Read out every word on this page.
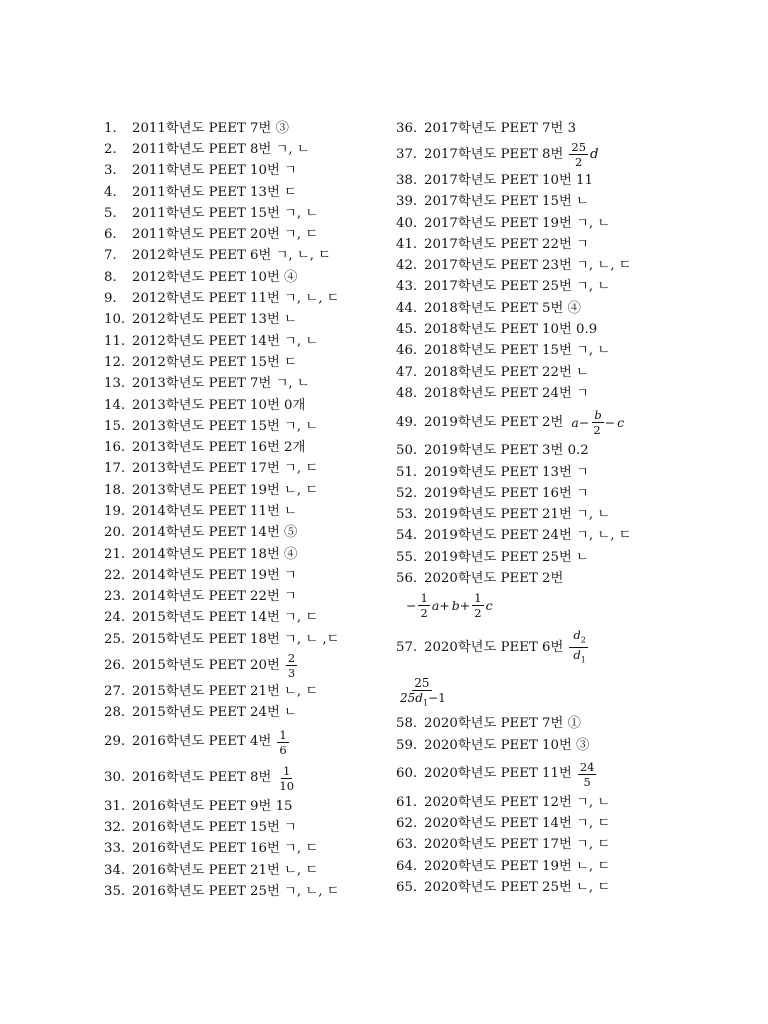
1.	2011학년도 PEET 7번 ③
2.	2011학년도 PEET 8번 ㄱ, ㄴ
3.	2011학년도 PEET 10번 ㄱ
4.	2011학년도 PEET 13번 ㄷ
5.	2011학년도 PEET 15번 ㄱ, ㄴ
6.	2011학년도 PEET 20번 ㄱ, ㄷ
7.	2012학년도 PEET 6번 ㄱ, ㄴ, ㄷ
8.	2012학년도 PEET 10번 ④
9.	2012학년도 PEET 11번 ㄱ, ㄴ, ㄷ
10. 2012학년도 PEET 13번 ㄴ
11. 2012학년도 PEET 14번 ㄱ, ㄴ
12. 2012학년도 PEET 15번 ㄷ
13. 2013학년도 PEET 7번 ㄱ, ㄴ
14. 2013학년도 PEET 10번 0개
15. 2013학년도 PEET 15번 ㄱ, ㄴ
16. 2013학년도 PEET 16번 2개
17. 2013학년도 PEET 17번 ㄱ, ㄷ
18. 2013학년도 PEET 19번 ㄴ, ㄷ
19. 2014학년도 PEET 11번 ㄴ
20. 2014학년도 PEET 14번 ⑤
21. 2014학년도 PEET 18번 ④
22. 2014학년도 PEET 19번 ㄱ
23. 2014학년도 PEET 22번 ㄱ
24. 2015학년도 PEET 14번 ㄱ, ㄷ
25. 2015학년도 PEET 18번 ㄱ, ㄴ ,ㄷ
26. 2015학년도 PEET 20번 $\frac{2}{3}$
27. 2015학년도 PEET 21번 ㄴ, ㄷ
28. 2015학년도 PEET 24번 ㄴ
29. 2016학년도 PEET 4번 $\frac{1}{6}$
30. 2016학년도 PEET 8번 $\frac{1}{10}$
31. 2016학년도 PEET 9번 15
32. 2016학년도 PEET 15번 ㄱ
33. 2016학년도 PEET 16번 ㄱ, ㄷ
34. 2016학년도 PEET 21번 ㄴ, ㄷ
35. 2016학년도 PEET 25번 ㄱ, ㄴ, ㄷ
36. 2017학년도 PEET 7번 3
37. 2017학년도 PEET 8번 $\frac{25}{2}$ d
38. 2017학년도 PEET 10번 11
39. 2017학년도 PEET 15번 ㄴ
40. 2017학년도 PEET 19번 ㄱ, ㄴ
41. 2017학년도 PEET 22번 ㄱ
42. 2017학년도 PEET 23번 ㄱ, ㄴ, ㄷ
43. 2017학년도 PEET 25번 ㄱ, ㄴ
44. 2018학년도 PEET 5번 ④
45. 2018학년도 PEET 10번 0.9
46. 2018학년도 PEET 15번 ㄱ, ㄴ
47. 2018학년도 PEET 22번 ㄴ
48. 2018학년도 PEET 24번 ㄱ
49. 2019학년도 PEET 2번 $a - \frac{b}{2} - c$
50. 2019학년도 PEET 3번 0.2
51. 2019학년도 PEET 13번 ㄱ
52. 2019학년도 PEET 16번 ㄱ
53. 2019학년도 PEET 21번 ㄱ, ㄴ
54. 2019학년도 PEET 24번 ㄱ, ㄴ, ㄷ
55. 2019학년도 PEET 25번 ㄴ
56. 2020학년도 PEET 2번
− $\frac{1}{2}$ $a + b + \frac{1}{2}$ c
57. 2020학년도 PEET 6번 $\frac{d_2}{d_1}$
$\frac{25}{25d_1-1}$
58. 2020학년도 PEET 7번 ①
59. 2020학년도 PEET 10번 ③
60. 2020학년도 PEET 11번 $\frac{24}{5}$
61. 2020학년도 PEET 12번 ㄱ, ㄴ
62. 2020학년도 PEET 14번 ㄱ, ㄷ
63. 2020학년도 PEET 17번 ㄱ, ㄷ
64. 2020학년도 PEET 19번 ㄴ, ㄷ
65. 2020학년도 PEET 25번 ㄴ, ㄷ
